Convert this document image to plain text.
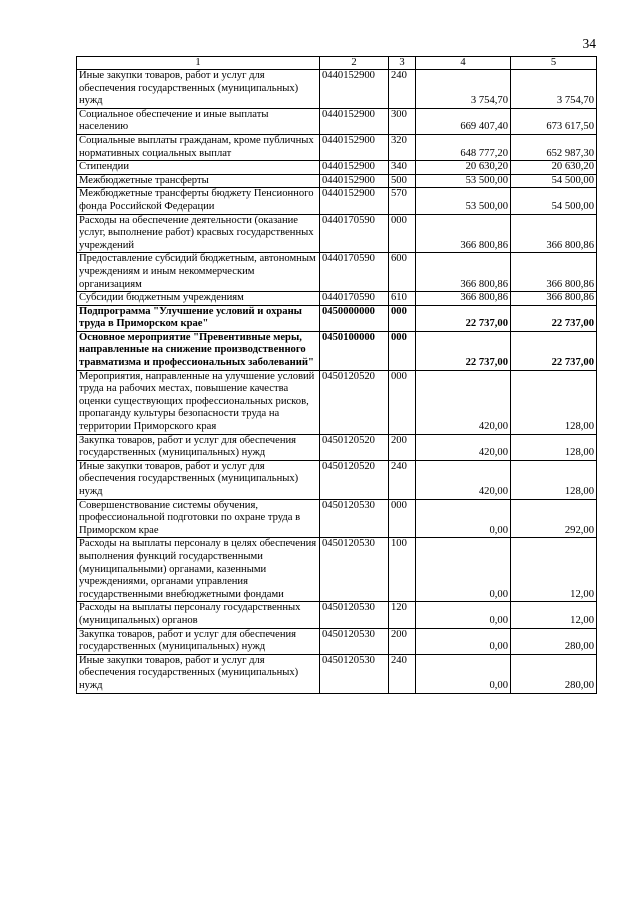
34
1	2	3	4	5
Иные закупки товаров, работ и услуг для обеспечения государственных (муниципальных) нужд	0440152900	240	3 754,70	3 754,70
Социальное обеспечение и иные выплаты населению	0440152900	300	669 407,40	673 617,50
Социальные выплаты гражданам, кроме публичных нормативных социальных выплат	0440152900	320	648 777,20	652 987,30
Стипендии	0440152900	340	20 630,20	20 630,20
Межбюджетные трансферты	0440152900	500	53 500,00	54 500,00
Межбюджетные трансферты бюджету Пенсионного фонда Российской Федерации	0440152900	570	53 500,00	54 500,00
Расходы на обеспечение деятельности (оказание услуг, выполнение работ) красвых государственных учреждений	0440170590	000	366 800,86	366 800,86
Предоставление субсидий бюджетным, автономным учреждениям и иным некоммерческим организациям	0440170590	600	366 800,86	366 800,86
Субсидии бюджетным учреждениям	0440170590	610	366 800,86	366 800,86
Подпрограмма "Улучшение условий и охраны труда в Приморском крае"	0450000000	000	22 737,00	22 737,00
Основное мероприятие "Превентивные меры, направленные на снижение производственного травматизма и профессиональных заболеваний"	0450100000	000	22 737,00	22 737,00
Мероприятия, направленные на улучшение условий труда на рабочих местах, повышение качества оценки существующих профессиональных рисков, пропаганду культуры безопасности труда на территории Приморского края	0450120520	000	420,00	128,00
Закупка товаров, работ и услуг для обеспечения государственных (муниципальных) нужд	0450120520	200	420,00	128,00
Иные закупки товаров, работ и услуг для обеспечения государственных (муниципальных) нужд	0450120520	240	420,00	128,00
Совершенствование системы обучения, профессиональной подготовки по охране труда в Приморском крае	0450120530	000	0,00	292,00
Расходы на выплаты персоналу в целях обеспечения выполнения функций государственными (муниципальными) органами, казенными учреждениями, органами управления государственными внебюджетными фондами	0450120530	100	0,00	12,00
Расходы на выплаты персоналу государственных (муниципальных) органов	0450120530	120	0,00	12,00
Закупка товаров, работ и услуг для обеспечения государственных (муниципальных) нужд	0450120530	200	0,00	280,00
Иные закупки товаров, работ и услуг для обеспечения государственных (муниципальных) нужд	0450120530	240	0,00	280,00
